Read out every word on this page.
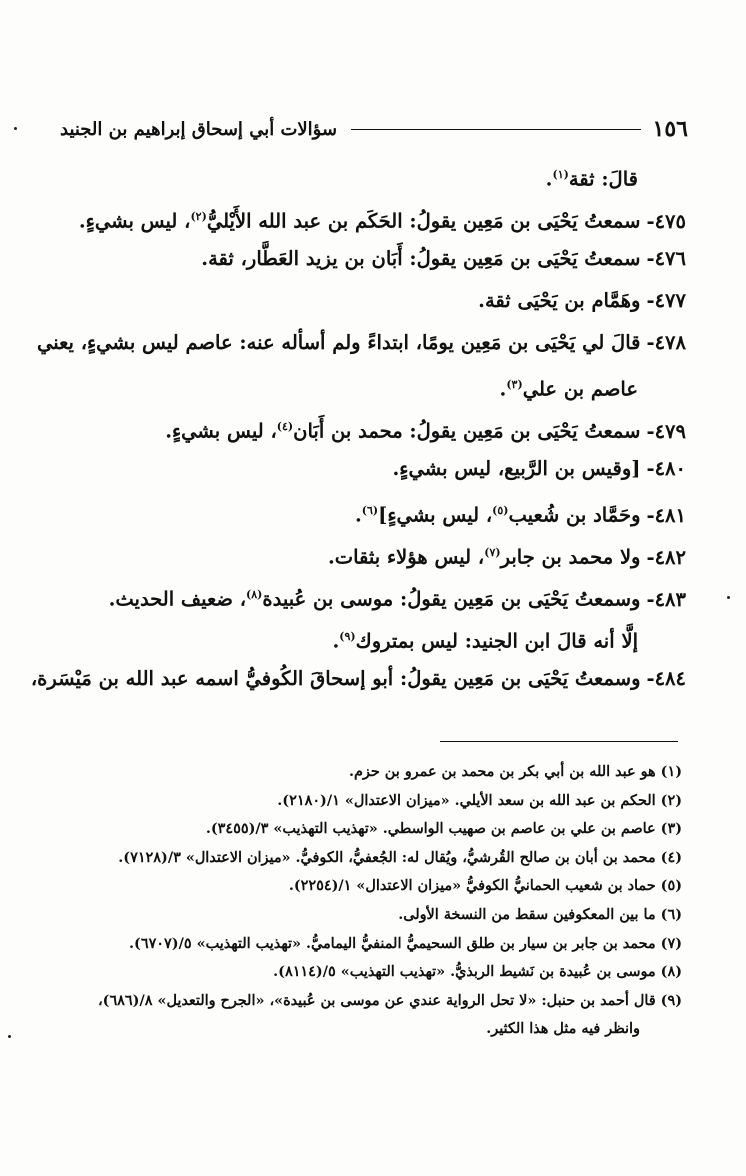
١٥٦
سؤالات أبي إسحاق إبراهيم بن الجنيد
قالَ: ثقة$^{(١)}$.
٤٧٥-سمعتُ يَحْيَى بن مَعِين يقولُ: الحَكَم بن عبد الله الأَيْليُّ$^{(٢)}$، ليس بشيءٍ.
٤٧٦-سمعتُ يَحْيَى بن مَعِين يقولُ: أَبَان بن يزيد العَطَّار، ثقة.
٤٧٧-وهَمَّام بن يَحْيَى ثقة.
٤٧٨-قالَ لي يَحْيَى بن مَعِين يومًا، ابتداءً ولم أسأله عنه: عاصم ليس بشيءٍ، يعني
عاصم بن علي$^{(٣)}$.
٤٧٩-سمعتُ يَحْيَى بن مَعِين يقولُ: محمد بن أَبَان$^{(٤)}$، ليس بشيءٍ.
٤٨٠-[وقيس بن الرَّبيع، ليس بشيءٍ.
٤٨١-وحَمَّاد بن شُعيب$^{(٥)}$، ليس بشيءٍ]$^{(٦)}$.
٤٨٢-ولا محمد بن جابر$^{(٧)}$، ليس هؤلاء بثقات.
٤٨٣-وسمعتُ يَحْيَى بن مَعِين يقولُ: موسى بن عُبيدة$^{(٨)}$، ضعيف الحديث.
إلَّا أنه قالَ ابن الجنيد: ليس بمتروك$^{(٩)}$.
٤٨٤-وسمعتُ يَحْيَى بن مَعِين يقولُ: أبو إسحاقَ الكُوفيُّ اسمه عبد الله بن مَيْسَرة،
(١) هو عبد الله بن أبي بكر بن محمد بن عمرو بن حزم.
(٢) الحكم بن عبد الله بن سعد الأيلي. «ميزان الاعتدال» ١/(٢١٨٠).
(٣) عاصم بن علي بن عاصم بن صهيب الواسطي. «تهذيب التهذيب» ٣/(٣٤٥٥).
(٤) محمد بن أبان بن صالح القُرشيُّ، ويُقال له: الجُعفيُّ، الكوفيُّ. «ميزان الاعتدال» ٣/(٧١٢٨).
(٥) حماد بن شعيب الحمانيُّ الكوفيُّ «ميزان الاعتدال» ١/(٢٢٥٤).
(٦) ما بين المعكوفين سقط من النسخة الأولى.
(٧) محمد بن جابر بن سيار بن طلق السحيميُّ المنفيُّ اليماميُّ. «تهذيب التهذيب» ٥/(٦٧٠٧).
(٨) موسى بن عُبيدة بن نَشيط الربذيُّ. «تهذيب التهذيب» ٥/(٨١١٤).
(٩) قال أحمد بن حنبل: «لا تحل الرواية عندي عن موسى بن عُبيدة»، «الجرح والتعديل» ٨/(٦٨٦)،
وانظر فيه مثل هذا الكثير.
